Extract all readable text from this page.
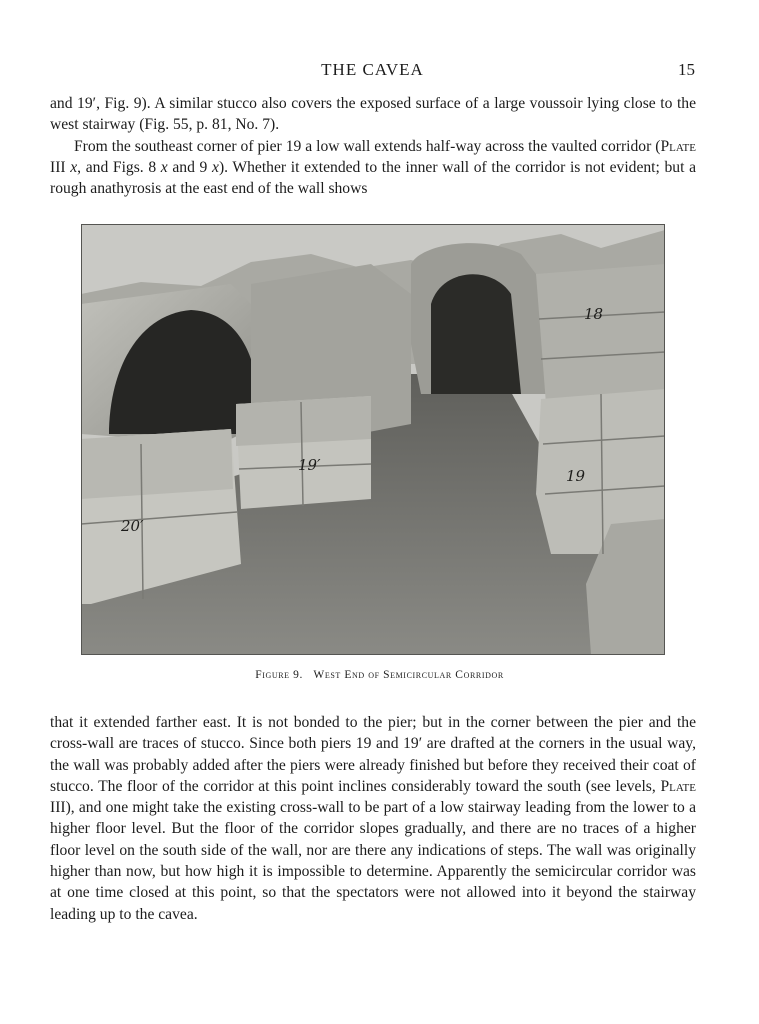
THE CAVEA	15

and 19′, Fig. 9). A similar stucco also covers the exposed surface of a large voussoir lying close to the west stairway (Fig. 55, p. 81, No. 7).

From the southeast corner of pier 19 a low wall extends half-way across the vaulted corridor (Plate III x, and Figs. 8 x and 9 x). Whether it extended to the inner wall of the corridor is not evident; but a rough anathyrosis at the east end of the wall shows

18
19′
19
20′
Figure 9. West End of Semicircular Corridor

that it extended farther east. It is not bonded to the pier; but in the corner between the pier and the cross-wall are traces of stucco. Since both piers 19 and 19′ are drafted at the corners in the usual way, the wall was probably added after the piers were already finished but before they received their coat of stucco. The floor of the corridor at this point inclines considerably toward the south (see levels, Plate III), and one might take the existing cross-wall to be part of a low stairway leading from the lower to a higher floor level. But the floor of the corridor slopes gradually, and there are no traces of a higher floor level on the south side of the wall, nor are there any indications of steps. The wall was originally higher than now, but how high it is impossible to determine. Apparently the semicircular corridor was at one time closed at this point, so that the spectators were not allowed into it beyond the stairway leading up to the cavea.
